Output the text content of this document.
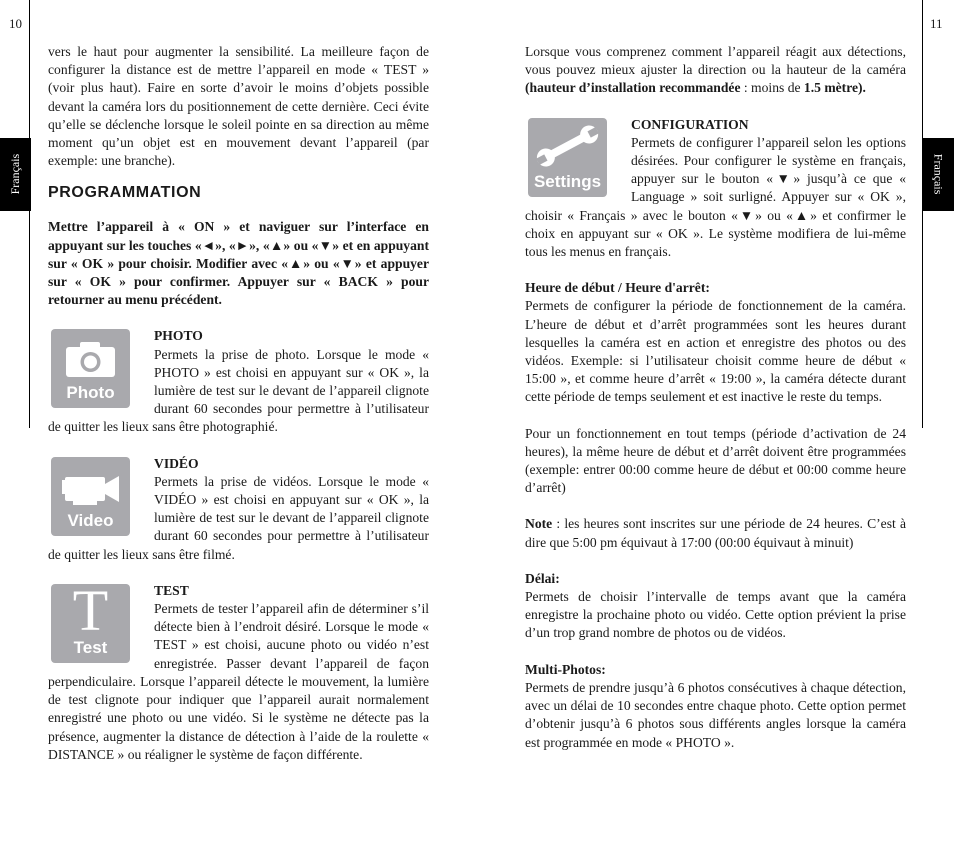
10	11
Français	Français

vers le haut pour augmenter la sensibilité. La meilleure façon de configurer la distance est de mettre l’appareil en mode « TEST » (voir plus haut). Faire en sorte d’avoir le moins d’objets possible devant la caméra lors du positionnement de cette dernière. Ceci évite qu’elle se déclenche lorsque le soleil pointe en sa direction au même moment qu’un objet est en mouvement devant l’appareil (par exemple: une branche).

PROGRAMMATION

Mettre l’appareil à « ON » et naviguer sur l’interface en appuyant sur les touches «◄», «►», «▲» ou «▼» et en appuyant sur « OK » pour choisir. Modifier avec «▲» ou «▼» et appuyer sur « OK » pour confirmer. Appuyer sur « BACK » pour retourner au menu précédent.

Photo
PHOTO

Permets la prise de photo. Lorsque le mode « PHOTO » est choisi en appuyant sur « OK », la lumière de test sur le devant de l’appareil clignote durant 60 secondes pour permettre à l’utilisateur de quitter les lieux sans être photographié.

Video
VIDÉO

Permets la prise de vidéos. Lorsque le mode « VIDÉO » est choisi en appuyant sur « OK », la lumière de test sur le devant de l’appareil clignote durant 60 secondes pour permettre à l’utilisateur de quitter les lieux sans être filmé.

T
Test
TEST

Permets de tester l’appareil afin de déterminer s’il détecte bien à l’endroit désiré. Lorsque le mode « TEST » est choisi, aucune photo ou vidéo n’est enregistrée. Passer devant l’appareil de façon perpendiculaire. Lorsque l’appareil détecte le mouvement, la lumière de test clignote pour indiquer que l’appareil aurait normalement enregistré une photo ou une vidéo. Si le système ne détecte pas la présence, augmenter la distance de détection à l’aide de la roulette « DISTANCE » ou réaligner le système de façon différente.

Lorsque vous comprenez comment l’appareil réagit aux détections, vous pouvez mieux ajuster la direction ou la hauteur de la caméra (hauteur d’installation recommandée : moins de 1.5 mètre).

Settings
CONFIGURATION

Permets de configurer l’appareil selon les options désirées. Pour configurer le système en français, appuyer sur le bouton «▼» jusqu’à ce que « Language » soit surligné. Appuyer sur « OK », choisir « Français » avec le bouton «▼» ou «▲» et confirmer le choix en appuyant sur « OK ». Le système modifiera de lui-même tous les menus en français.

Heure de début / Heure d'arrêt:

Permets de configurer la période de fonctionnement de la caméra. L’heure de début et d’arrêt programmées sont les heures durant lesquelles la caméra est en action et enregistre des photos ou des vidéos. Exemple: si l’utilisateur choisit comme heure de début « 15:00 », et comme heure d’arrêt « 19:00 », la caméra détecte durant cette période de temps seulement et est inactive le reste du temps.

Pour un fonctionnement en tout temps (période d’activation de 24 heures), la même heure de début et d’arrêt doivent être programmées (exemple: entrer 00:00 comme heure de début et 00:00 comme heure d’arrêt)

Note : les heures sont inscrites sur une période de 24 heures. C’est à dire que 5:00 pm équivaut à 17:00 (00:00 équivaut à minuit)

Délai:

Permets de choisir l’intervalle de temps avant que la caméra enregistre la prochaine photo ou vidéo. Cette option prévient la prise d’un trop grand nombre de photos ou de vidéos.

Multi-Photos:

Permets de prendre jusqu’à 6 photos consécutives à chaque détection, avec un délai de 10 secondes entre chaque photo. Cette option permet d’obtenir jusqu’à 6 photos sous différents angles lorsque la caméra est programmée en mode « PHOTO ».
